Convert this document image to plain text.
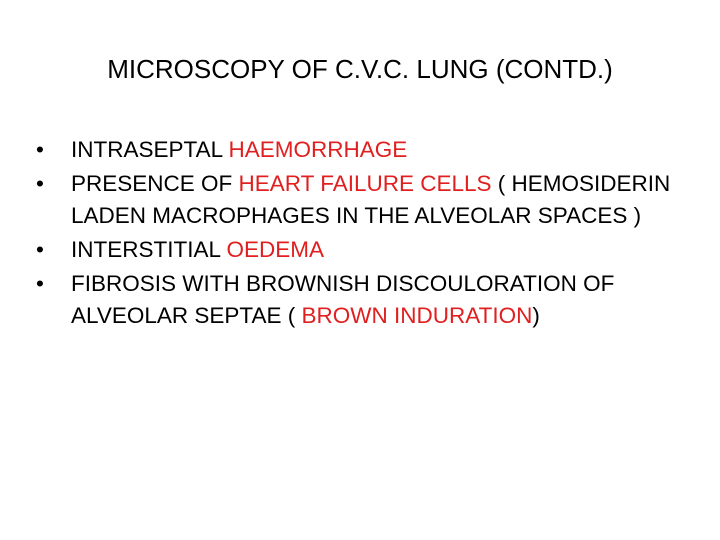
MICROSCOPY OF C.V.C. LUNG (CONTD.)
•	INTRASEPTAL HAEMORRHAGE
•	PRESENCE OF HEART FAILURE CELLS ( HEMOSIDERIN LADEN MACROPHAGES IN THE ALVEOLAR SPACES )
•	INTERSTITIAL OEDEMA
•	FIBROSIS WITH BROWNISH DISCOULORATION OF ALVEOLAR SEPTAE ( BROWN INDURATION)
